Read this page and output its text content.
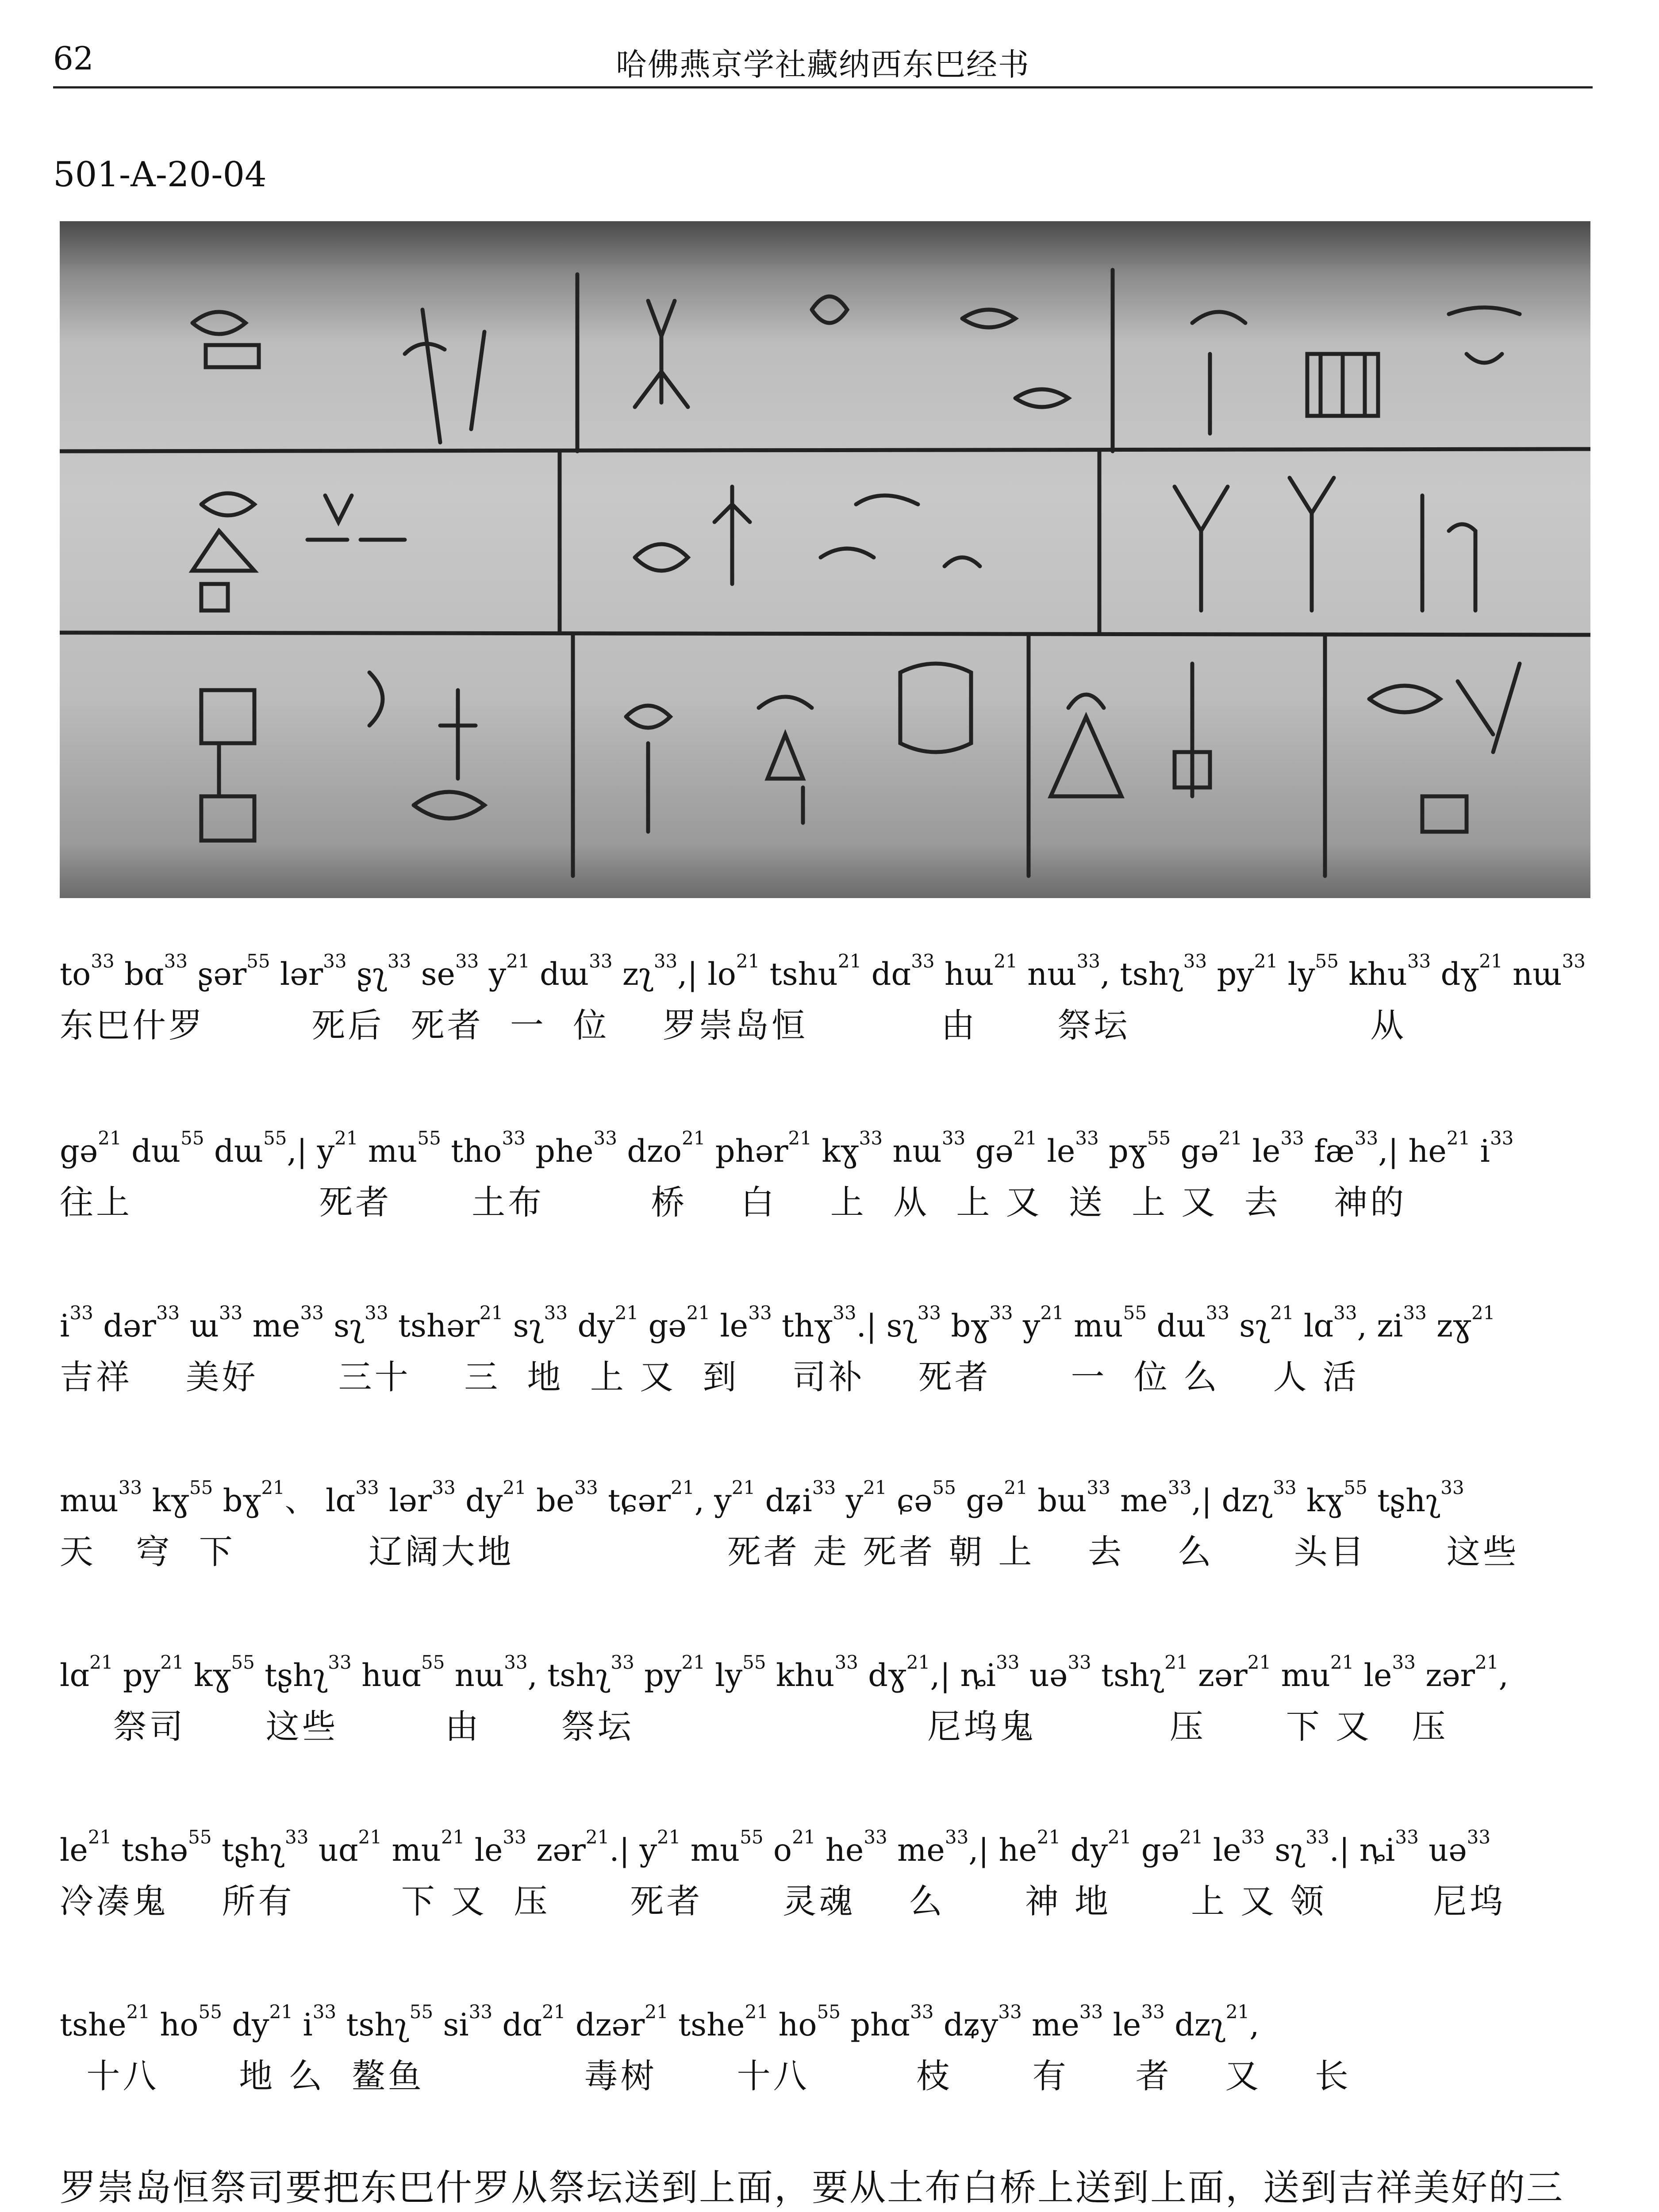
62	哈佛燕京学社藏纳西东巴经书
501-A-20-04
$to^{33}$ bɑ$^{33}$ ʂər$^{55}$ lər$^{33}$ ʂʅ$^{33}$ $se^{33}$ $y^{21}$ dɯ$^{33}$ zʅ$^{33}$,| $lo^{21}$ tshu$^{21}$ dɑ$^{33}$ hɯ$^{21}$ nɯ$^{33}$, tshʅ$^{33}$ $py^{21}$ $ly^{55}$ khu$^{33}$ dɣ$^{21}$ nɯ$^{33}$
东巴什罗        死后  死者  一  位    罗崇岛恒          由      祭坛                  从
gə$^{21}$ dɯ$^{55}$ dɯ$^{55}$,| $y^{21}$ $mu^{55}$ tho$^{33}$ phe$^{33}$ dzo$^{21}$ phər$^{21}$ kɣ$^{33}$ nɯ$^{33}$ gə$^{21}$ $le^{33}$ pɣ$^{55}$ gə$^{21}$ $le^{33}$ $fæ^{33},|$ $he^{21}$ $i^{33}$
往上              死者      土布        桥    白    上  从  上 又  送  上 又  去    神的
$i^{33}$ dər$^{33}$ ɯ$^{33}$ $me^{33}$ sʅ$^{33}$ tshər$^{21}$ sʅ$^{33}$ $dy^{21}$ gə$^{21}$ $le^{33}$ thɣ$^{33}$.| sʅ$^{33}$ bɣ$^{33}$ $y^{21}$ $mu^{55}$ dɯ$^{33}$ sʅ$^{21}$ lɑ$^{33}$, $zi^{33}$ zɣ$^{21}$
吉祥    美好      三十    三  地  上 又  到    司补    死者      一  位 么    人 活
mɯ$^{33}$ kɣ$^{55}$ bɣ$^{21}$、 lɑ$^{33}$ lər$^{33}$ $dy^{21}$ $be^{33}$ tɕər$^{21}$, $y^{21}$ dʑi$^{33}$ $y^{21}$ ɕə$^{55}$ gə$^{21}$ bɯ$^{33}$ $me^{33},|$ dzʅ$^{33}$ kɣ$^{55}$ tʂhʅ$^{33}$
天   穹  下          辽阔大地                死者 走 死者 朝 上    去    么      头目      这些
lɑ$^{21}$ $py^{21}$ kɣ$^{55}$ tʂhʅ$^{33}$ huɑ$^{55}$ nɯ$^{33}$, tshʅ$^{33}$ $py^{21}$ $ly^{55}$ khu$^{33}$ dɣ$^{21}$,| $ȵi^{33}$ uə$^{33}$ tshʅ$^{21}$ zər$^{21}$ $mu^{21}$ $le^{33}$ zər$^{21}$,
祭司      这些        由      祭坛                      尼坞鬼          压      下 又   压
$le^{21}$ tshə$^{55}$ tʂhʅ$^{33}$ uɑ$^{21}$ $mu^{21}$ $le^{33}$ zər$^{21}$.| $y^{21}$ $mu^{55}$ $o^{21}$ $he^{33}$ $me^{33},|$ $he^{21}$ $dy^{21}$ gə$^{21}$ $le^{33}$ sʅ$^{33}$.| $ȵi^{33}$ uə$^{33}$
冷凑鬼    所有        下 又  压      死者      灵魂    么      神 地      上 又 领        尼坞
tshe$^{21}$ $ho^{55}$ $dy^{21}$ $i^{33}$ tshʅ$^{55}$ $si^{33}$ dɑ$^{21}$ dzər$^{21}$ tshe$^{21}$ $ho^{55}$ phɑ$^{33}$ dʑy$^{33}$ $me^{33}$ $le^{33}$ dzʅ$^{21}$,
十八      地 么  鳌鱼            毒树      十八        枝      有     者    又    长

罗崇岛恒祭司要把东巴什罗从祭坛送到上面，要从土布白桥上送到上面，送到吉祥美好的三
